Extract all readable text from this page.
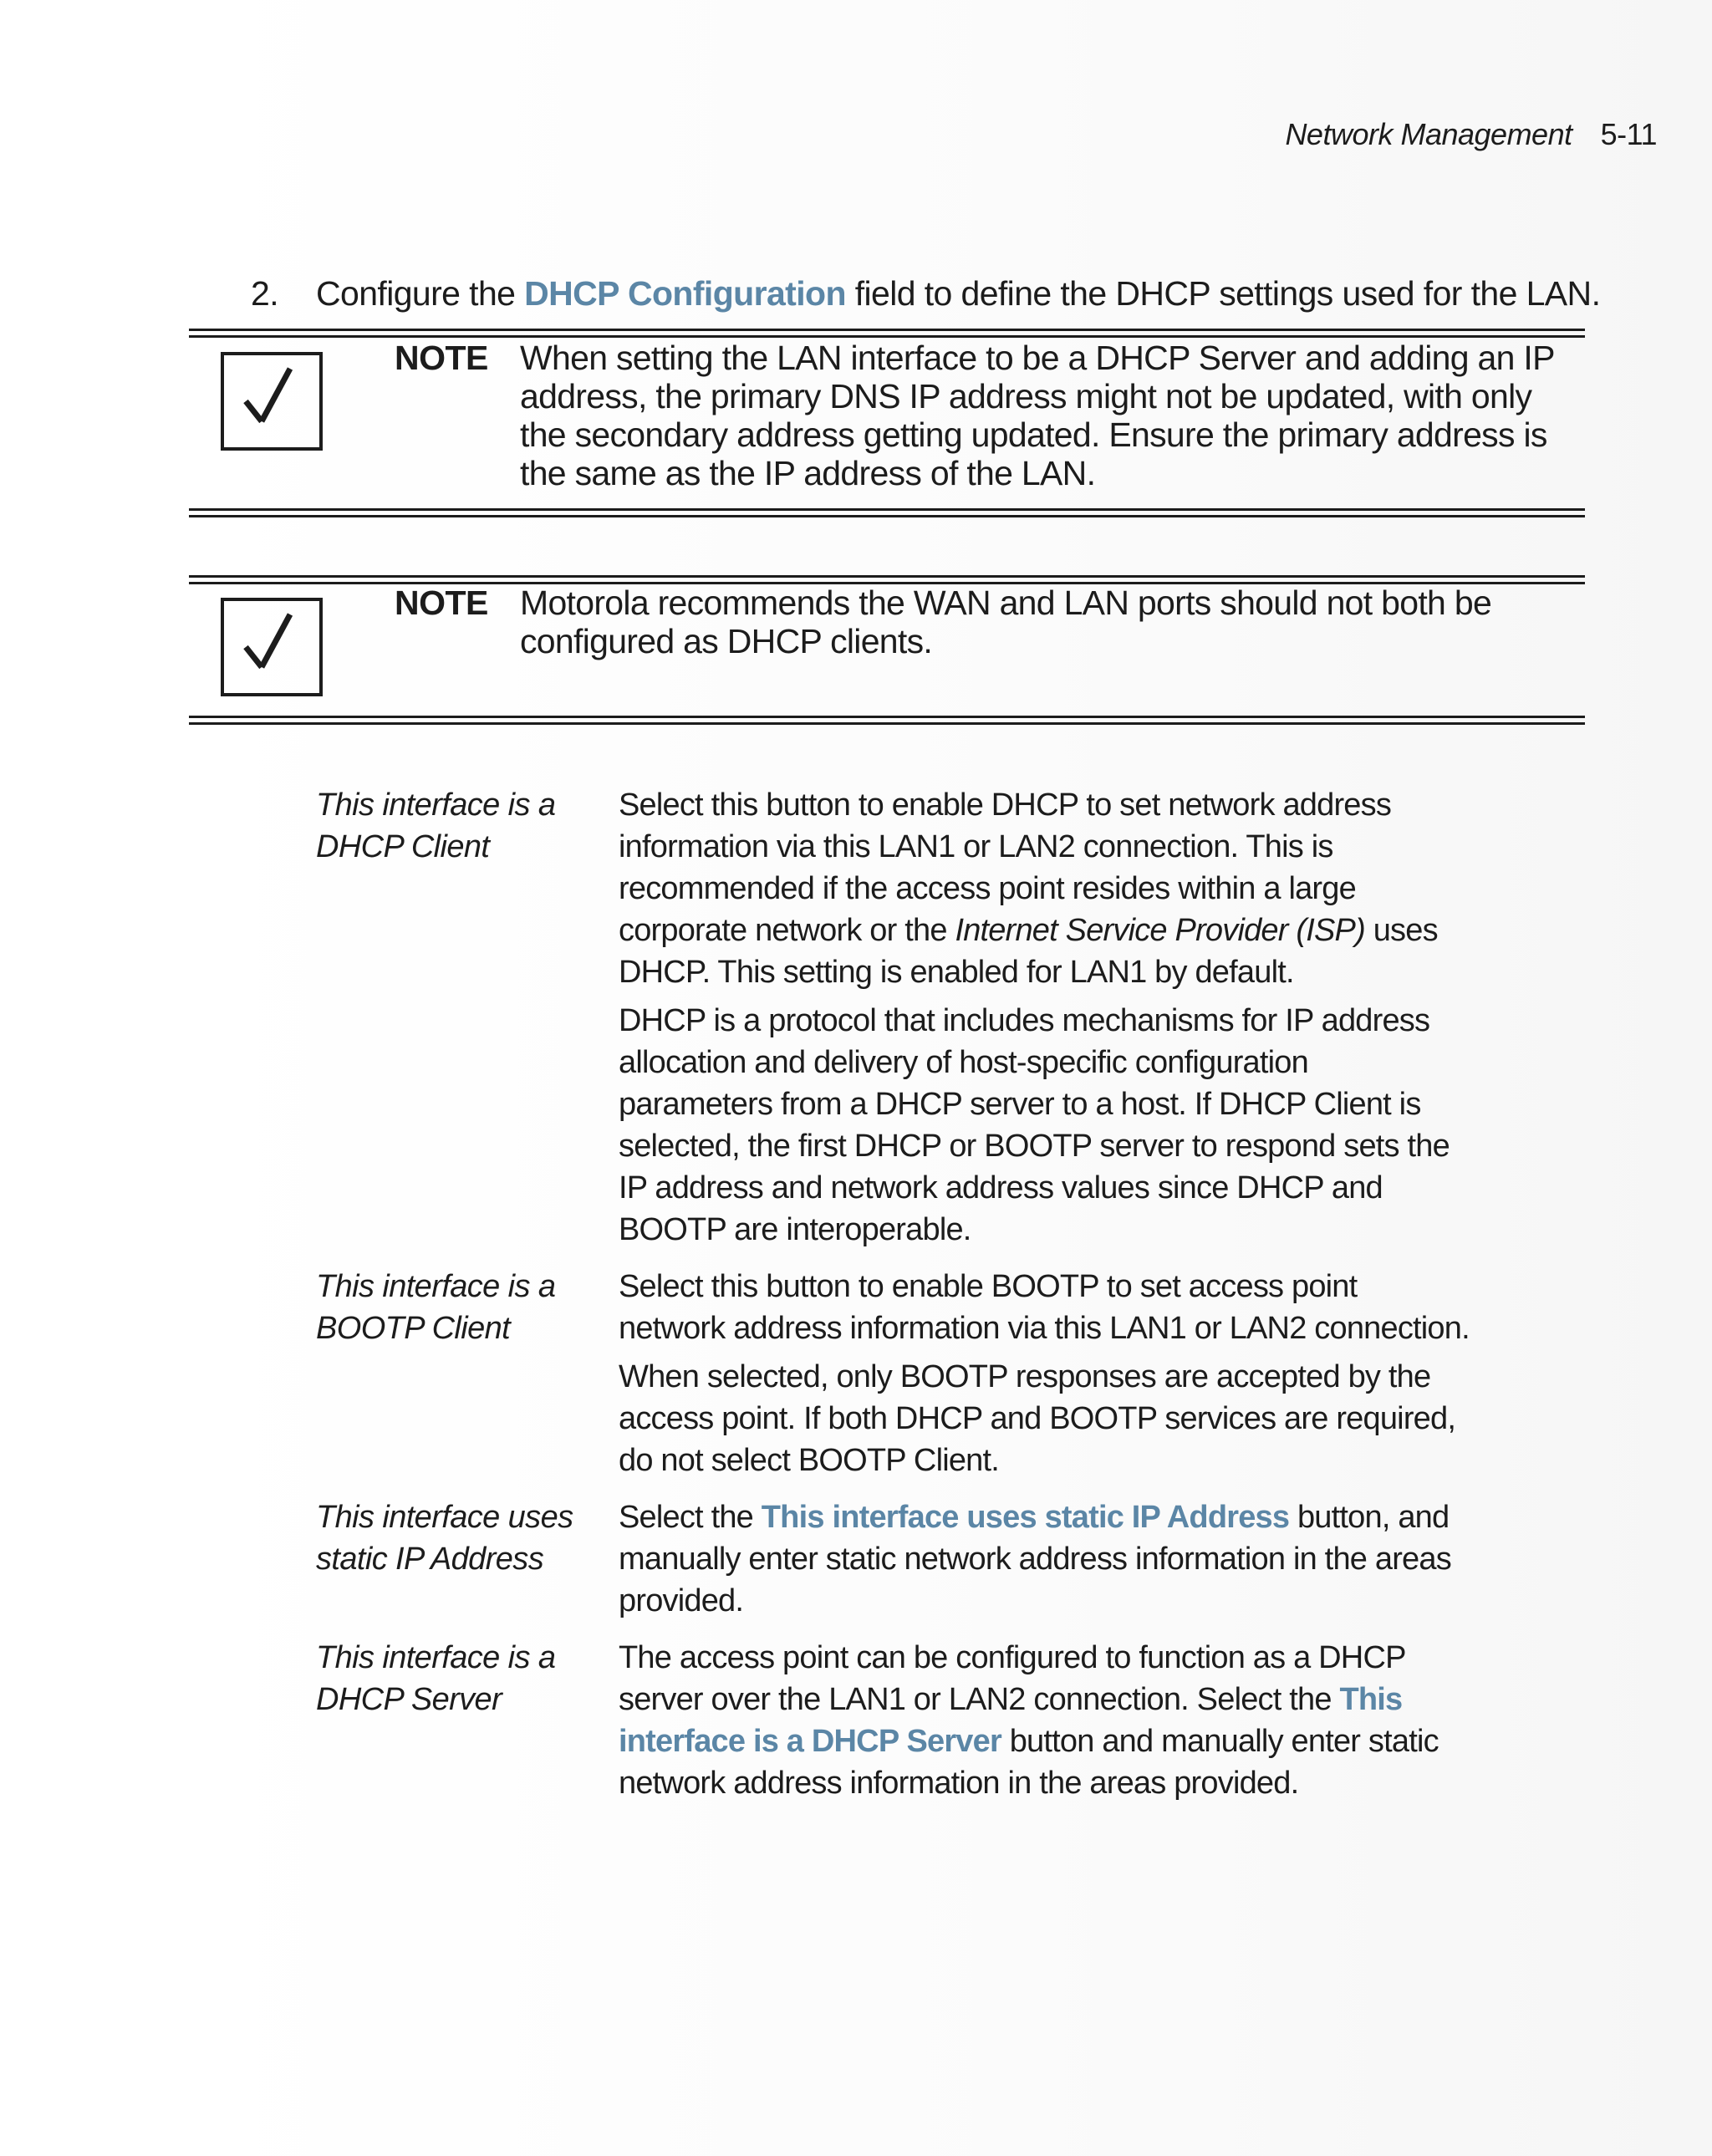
Network Management 5-11
2. Configure the DHCP Configuration field to define the DHCP settings used for the LAN.
NOTE When setting the LAN interface to be a DHCP Server and adding an IP address, the primary DNS IP address might not be updated, with only the secondary address getting updated. Ensure the primary address is the same as the IP address of the LAN.
NOTE Motorola recommends the WAN and LAN ports should not both be configured as DHCP clients.
This interface is a
DHCP Client

Select this button to enable DHCP to set network address information via this LAN1 or LAN2 connection. This is recommended if the access point resides within a large corporate network or the Internet Service Provider (ISP) uses DHCP. This setting is enabled for LAN1 by default.

DHCP is a protocol that includes mechanisms for IP address allocation and delivery of host-specific configuration parameters from a DHCP server to a host. If DHCP Client is selected, the first DHCP or BOOTP server to respond sets the IP address and network address values since DHCP and BOOTP are interoperable.

This interface is a
BOOTP Client

Select this button to enable BOOTP to set access point network address information via this LAN1 or LAN2 connection.

When selected, only BOOTP responses are accepted by the access point. If both DHCP and BOOTP services are required, do not select BOOTP Client.

This interface uses
static IP Address

Select the This interface uses static IP Address button, and manually enter static network address information in the areas provided.

This interface is a
DHCP Server

The access point can be configured to function as a DHCP server over the LAN1 or LAN2 connection. Select the This interface is a DHCP Server button and manually enter static network address information in the areas provided.
